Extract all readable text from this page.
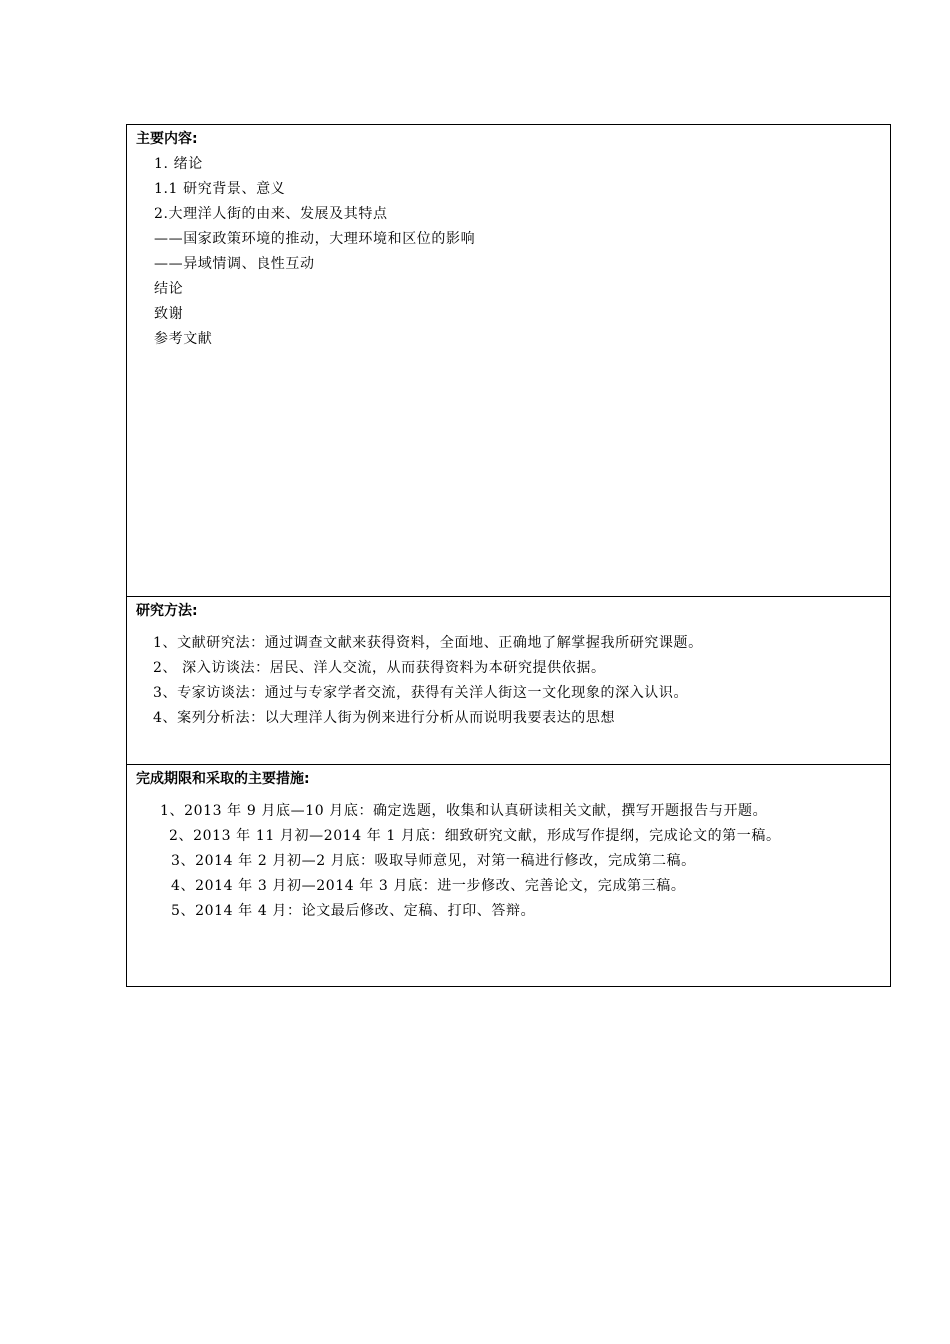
主要内容:
1. 绪论
1.1 研究背景、意义
2.大理洋人街的由来、发展及其特点
——国家政策环境的推动，大理环境和区位的影响
——异域情调、良性互动
结论
致谢
参考文献
研究方法:
1、文献研究法：通过调查文献来获得资料，全面地、正确地了解掌握我所研究课题。
2、 深入访谈法：居民、洋人交流，从而获得资料为本研究提供依据。
3、专家访谈法：通过与专家学者交流，获得有关洋人街这一文化现象的深入认识。
4、案列分析法：以大理洋人街为例来进行分析从而说明我要表达的思想
完成期限和采取的主要措施:
1、2013 年 9 月底—10 月底：确定选题，收集和认真研读相关文献，撰写开题报告与开题。
2、2013 年 11 月初—2014 年 1 月底：细致研究文献，形成写作提纲，完成论文的第一稿。
3、2014 年 2 月初—2 月底：吸取导师意见，对第一稿进行修改，完成第二稿。
4、2014 年 3 月初—2014 年 3 月底：进一步修改、完善论文，完成第三稿。
5、2014 年 4 月：论文最后修改、定稿、打印、答辩。
